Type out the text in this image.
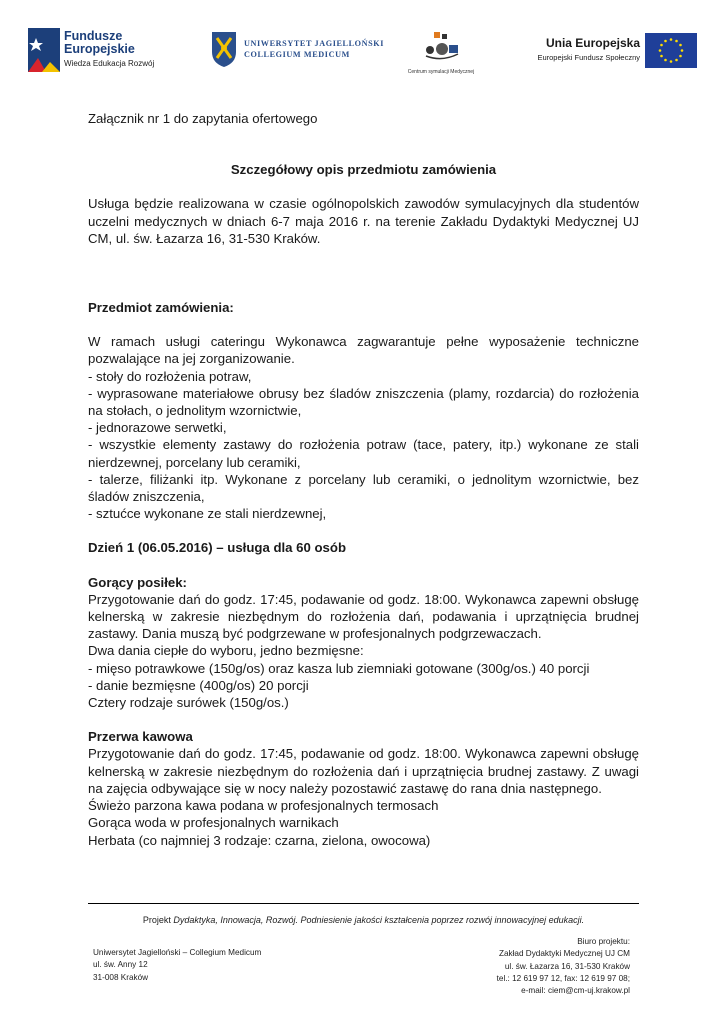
Fundusze
Europejskie
Wiedza Edukacja Rozwój
UNIWERSYTET JAGIELLOŃSKI
COLLEGIUM MEDICUM
Centrum symulacji Medycznej
Unia Europejska
Europejski Fundusz Społeczny

Załącznik nr 1 do zapytania ofertowego

Szczegółowy opis przedmiotu zamówienia

Usługa będzie realizowana w czasie ogólnopolskich zawodów symulacyjnych dla studentów uczelni medycznych w dniach 6-7 maja 2016 r. na terenie Zakładu Dydaktyki Medycznej UJ CM, ul. św. Łazarza 16, 31-530 Kraków.

Przedmiot zamówienia:

W ramach usługi cateringu Wykonawca zagwarantuje pełne wyposażenie techniczne pozwalające na jej zorganizowanie.

- stoły do rozłożenia potraw,

- wyprasowane materiałowe obrusy bez śladów zniszczenia (plamy, rozdarcia) do rozłożenia na stołach, o jednolitym wzornictwie,

- jednorazowe serwetki,

- wszystkie elementy zastawy do rozłożenia potraw (tace, patery, itp.) wykonane ze stali nierdzewnej, porcelany lub ceramiki,

- talerze, filiżanki itp. Wykonane z porcelany lub ceramiki, o jednolitym wzornictwie, bez śladów zniszczenia,

- sztućce wykonane ze stali nierdzewnej,

Dzień 1 (06.05.2016) – usługa dla 60 osób

Gorący posiłek:

Przygotowanie dań do godz. 17:45, podawanie od godz. 18:00. Wykonawca zapewni obsługę kelnerską w zakresie niezbędnym do rozłożenia dań, podawania i uprzątnięcia brudnej zastawy. Dania muszą być podgrzewane w profesjonalnych podgrzewaczach.

Dwa dania ciepłe do wyboru, jedno bezmięsne:

- mięso potrawkowe (150g/os) oraz kasza lub ziemniaki gotowane (300g/os.) 40 porcji

- danie bezmięsne (400g/os) 20 porcji

Cztery rodzaje surówek (150g/os.)

Przerwa kawowa

Przygotowanie dań do godz. 17:45, podawanie od godz. 18:00. Wykonawca zapewni obsługę kelnerską w zakresie niezbędnym do rozłożenia dań i uprzątnięcia brudnej zastawy. Z uwagi na zajęcia odbywające się w nocy należy pozostawić zastawę do rana dnia następnego.

Świeżo parzona kawa podana w profesjonalnych termosach

Gorąca woda w profesjonalnych warnikach

Herbata (co najmniej 3 rodzaje: czarna, zielona, owocowa)

Projekt Dydaktyka, Innowacja, Rozwój. Podniesienie jakości kształcenia poprzez rozwój innowacyjnej edukacji.
Uniwersytet Jagielloński – Collegium Medicum
ul. św. Anny 12
31-008 Kraków
Biuro projektu:
Zakład Dydaktyki Medycznej UJ CM
ul. św. Łazarza 16, 31-530 Kraków
tel.: 12 619 97 12, fax: 12 619 97 08;
e-mail: ciem@cm-uj.krakow.pl
